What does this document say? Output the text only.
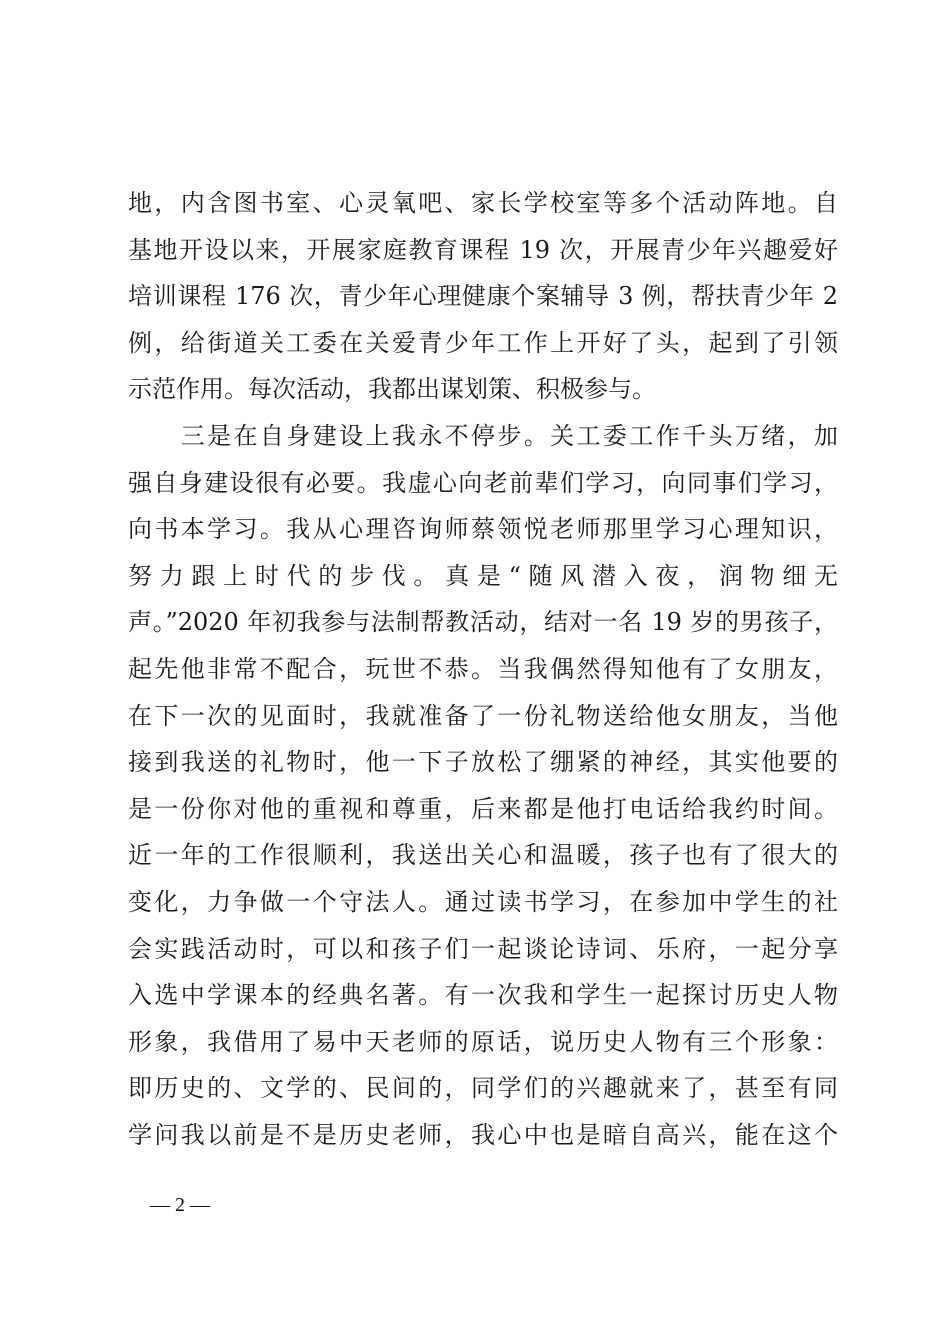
地，内含图书室、心灵氧吧、家长学校室等多个活动阵地。自
基地开设以来，开展家庭教育课程 19 次，开展青少年兴趣爱好
培训课程 176 次，青少年心理健康个案辅导 3 例，帮扶青少年 2
例，给街道关工委在关爱青少年工作上开好了头，起到了引领
示范作用。每次活动，我都出谋划策、积极参与。
　　三是在自身建设上我永不停步。关工委工作千头万绪，加
强自身建设很有必要。我虚心向老前辈们学习，向同事们学习，
向书本学习。我从心理咨询师蔡领悦老师那里学习心理知识，
努力跟上时代的步伐。真是“随风潜入夜，润物细无
声。”2020 年初我参与法制帮教活动，结对一名 19 岁的男孩子，
起先他非常不配合，玩世不恭。当我偶然得知他有了女朋友，
在下一次的见面时，我就准备了一份礼物送给他女朋友，当他
接到我送的礼物时，他一下子放松了绷紧的神经，其实他要的
是一份你对他的重视和尊重，后来都是他打电话给我约时间。
近一年的工作很顺利，我送出关心和温暖，孩子也有了很大的
变化，力争做一个守法人。通过读书学习，在参加中学生的社
会实践活动时，可以和孩子们一起谈论诗词、乐府，一起分享
入选中学课本的经典名著。有一次我和学生一起探讨历史人物
形象，我借用了易中天老师的原话，说历史人物有三个形象：
即历史的、文学的、民间的，同学们的兴趣就来了，甚至有同
学问我以前是不是历史老师，我心中也是暗自高兴，能在这个
— 2 —
